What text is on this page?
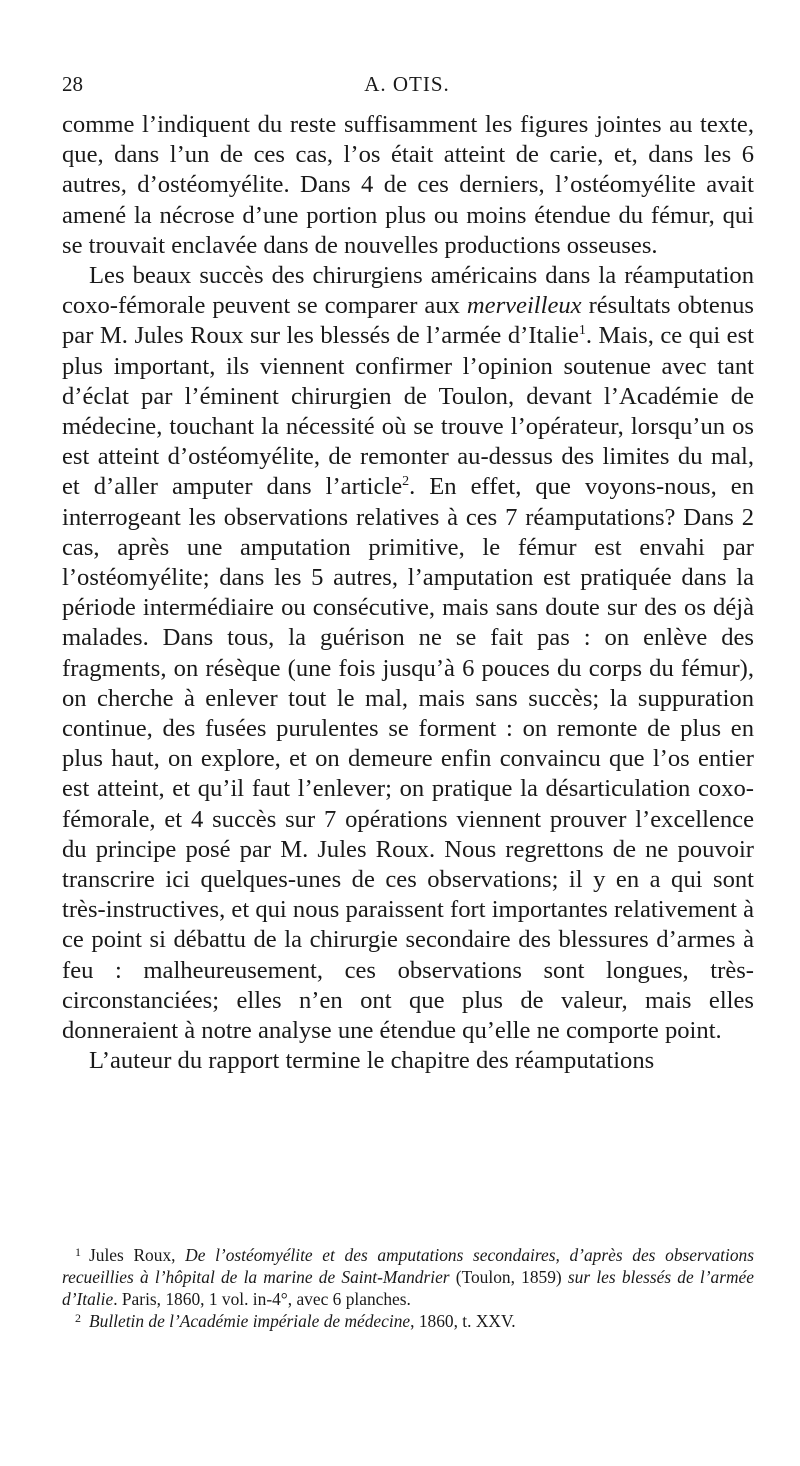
28	A. OTIS.

comme l’indiquent du reste suffisamment les figures jointes au texte, que, dans l’un de ces cas, l’os était atteint de carie, et, dans les 6 autres, d’ostéomyélite. Dans 4 de ces derniers, l’ostéomyélite avait amené la nécrose d’une portion plus ou moins étendue du fémur, qui se trouvait enclavée dans de nouvelles productions osseuses.

Les beaux succès des chirurgiens américains dans la réamputation coxo-fémorale peuvent se comparer aux merveilleux résultats obtenus par M. Jules Roux sur les blessés de l’armée d’Italie$^1$. Mais, ce qui est plus important, ils viennent confirmer l’opinion soutenue avec tant d’éclat par l’éminent chirurgien de Toulon, devant l’Académie de médecine, touchant la nécessité où se trouve l’opérateur, lorsqu’un os est atteint d’ostéomyélite, de remonter au-dessus des limites du mal, et d’aller amputer dans l’article$^2$. En effet, que voyons-nous, en interrogeant les observations relatives à ces 7 réamputations? Dans 2 cas, après une amputation primitive, le fémur est envahi par l’ostéomyélite; dans les 5 autres, l’amputation est pratiquée dans la période intermédiaire ou consécutive, mais sans doute sur des os déjà malades. Dans tous, la guérison ne se fait pas : on enlève des fragments, on résèque (une fois jusqu’à 6 pouces du corps du fémur), on cherche à enlever tout le mal, mais sans succès; la suppuration continue, des fusées purulentes se forment : on remonte de plus en plus haut, on explore, et on demeure enfin convaincu que l’os entier est atteint, et qu’il faut l’enlever; on pratique la désarticulation coxo-fémorale, et 4 succès sur 7 opérations viennent prouver l’excellence du principe posé par M. Jules Roux. Nous regrettons de ne pouvoir transcrire ici quelques-unes de ces observations; il y en a qui sont très-instructives, et qui nous paraissent fort importantes relativement à ce point si débattu de la chirurgie secondaire des blessures d’armes à feu : malheureusement, ces observations sont longues, très-circonstanciées; elles n’en ont que plus de valeur, mais elles donneraient à notre analyse une étendue qu’elle ne comporte point.

L’auteur du rapport termine le chapitre des réamputations

$^1$ Jules Roux, De l’ostéomyélite et des amputations secondaires, d’après des observations recueillies à l’hôpital de la marine de Saint-Mandrier (Toulon, 1859) sur les blessés de l’armée d’Italie. Paris, 1860, 1 vol. in-4°, avec 6 planches.

$^2$ Bulletin de l’Académie impériale de médecine, 1860, t. XXV.
